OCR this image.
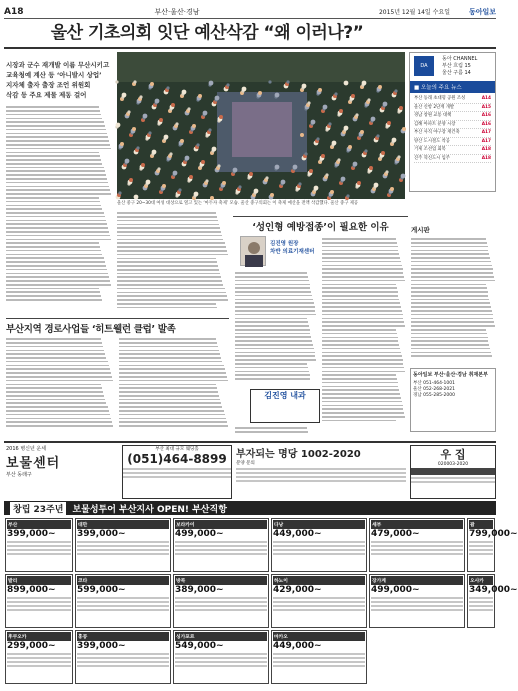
A18	부산·울산·경남	2015년 12월 14일 수요일	동아일보
울산 기초의회 잇단 예산삭감 “왜 이러나?”
시장과 군수 재개발 이름 무산시키고
교육청예 계산 등 ‘아니발시 상업’
지자체 출자 출장 조언 위원회
삭감 등 주요 제물 제동 걸어
울산 중구 20~30대 여성 대상으로 열고 있는 ‘마두자 축제’ 모습. 울산 중구의회는 이 축제 예산을 전액 삭감했다. 울산 중구 제공
DA
동아 CHANNEL
부산 흐림 15
울산 구름 14
■ 오늘의 주요 뉴스
부산 동래 초대형 공원 조성	A14
울산 신항 2단계 개발	A15
경남 창원 교통 대책	A16
김해 아파트 분양 시장	A16
부산 사직 야구장 재건축	A17
양산 도시철도 착공	A17
거제 조선업 회복	A18
진주 혁신도시 입주	A18
‘성인형 예방접종’이 필요한 이유
김진영 원장
차반 의료기재센터
김진영 내과
게시판
동아일보 부산·울산·경남 취재본부
부산 051-464-1001
울산 052-268-2021
경남 055-285-2000
부산지역 경로사업들 ‘히트웰런 클럽’ 발족
2016 병신년 운세
보물센터
부산 동래구
부산 최대 규모 웨딩홀
(051)464-8899 부자되는 명당 1002-2020
분양 문의
우 집
020003-2020
창립 23주년	보물성투어 부산지사 OPEN! 부산직항
부산
399,000~
대만
399,000~
보라카이
499,000~
다낭
449,000~
세부
479,000~
괌
799,000~
발리
899,000~
코타
599,000~
방콕
389,000~
하노이
429,000~
장가계
499,000~
오사카
349,000~
후쿠오카
299,000~
홍콩
399,000~
싱가포르
549,000~
마카오
449,000~
